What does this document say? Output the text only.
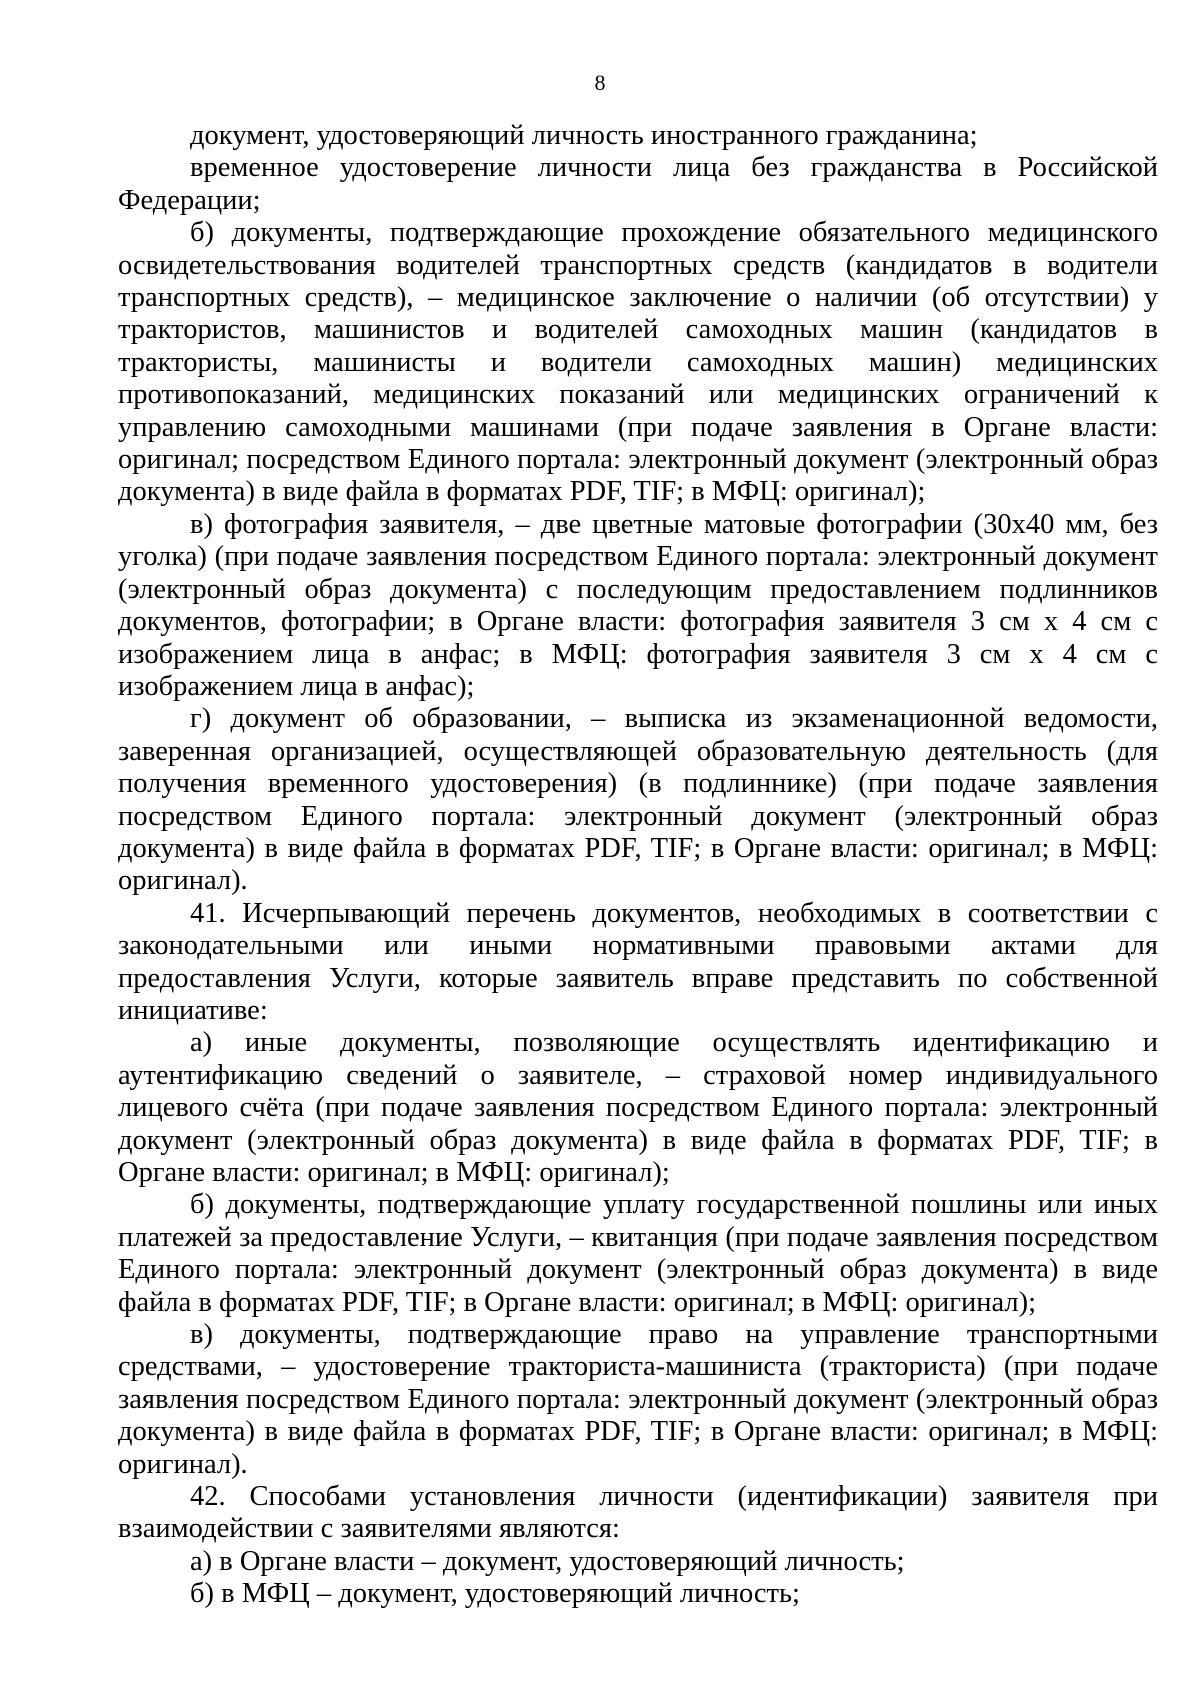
8

документ, удостоверяющий личность иностранного гражданина;

временное удостоверение личности лица без гражданства в Российской Федерации;

б) документы, подтверждающие прохождение обязательного медицинского освидетельствования водителей транспортных средств (кандидатов в водители транспортных средств), – медицинское заключение о наличии (об отсутствии) у трактористов, машинистов и водителей самоходных машин (кандидатов в трактористы, машинисты и водители самоходных машин) медицинских противопоказаний, медицинских показаний или медицинских ограничений к управлению самоходными машинами (при подаче заявления в Органе власти: оригинал; посредством Единого портала: электронный документ (электронный образ документа) в виде файла в форматах PDF, TIF; в МФЦ: оригинал);

в) фотография заявителя, – две цветные матовые фотографии (30x40 мм, без уголка) (при подаче заявления посредством Единого портала: электронный документ (электронный образ документа) с последующим предоставлением подлинников документов, фотографии; в Органе власти: фотография заявителя 3 см х 4 см с изображением лица в анфас; в МФЦ: фотография заявителя 3 см х 4 см с изображением лица в анфас);

г) документ об образовании, – выписка из экзаменационной ведомости, заверенная организацией, осуществляющей образовательную деятельность (для получения временного удостоверения) (в подлиннике) (при подаче заявления посредством Единого портала: электронный документ (электронный образ документа) в виде файла в форматах PDF, TIF; в Органе власти: оригинал; в МФЦ: оригинал).

41. Исчерпывающий перечень документов, необходимых в соответствии с законодательными или иными нормативными правовыми актами для предоставления Услуги, которые заявитель вправе представить по собственной инициативе:

а) иные документы, позволяющие осуществлять идентификацию и аутентификацию сведений о заявителе, – страховой номер индивидуального лицевого счёта (при подаче заявления посредством Единого портала: электронный документ (электронный образ документа) в виде файла в форматах PDF, TIF; в Органе власти: оригинал; в МФЦ: оригинал);

б) документы, подтверждающие уплату государственной пошлины или иных платежей за предоставление Услуги, – квитанция (при подаче заявления посредством Единого портала: электронный документ (электронный образ документа) в виде файла в форматах PDF, TIF; в Органе власти: оригинал; в МФЦ: оригинал);

в) документы, подтверждающие право на управление транспортными средствами, – удостоверение тракториста-машиниста (тракториста) (при подаче заявления посредством Единого портала: электронный документ (электронный образ документа) в виде файла в форматах PDF, TIF; в Органе власти: оригинал; в МФЦ: оригинал).

42. Способами установления личности (идентификации) заявителя при взаимодействии с заявителями являются:

а) в Органе власти – документ, удостоверяющий личность;

б) в МФЦ – документ, удостоверяющий личность;
